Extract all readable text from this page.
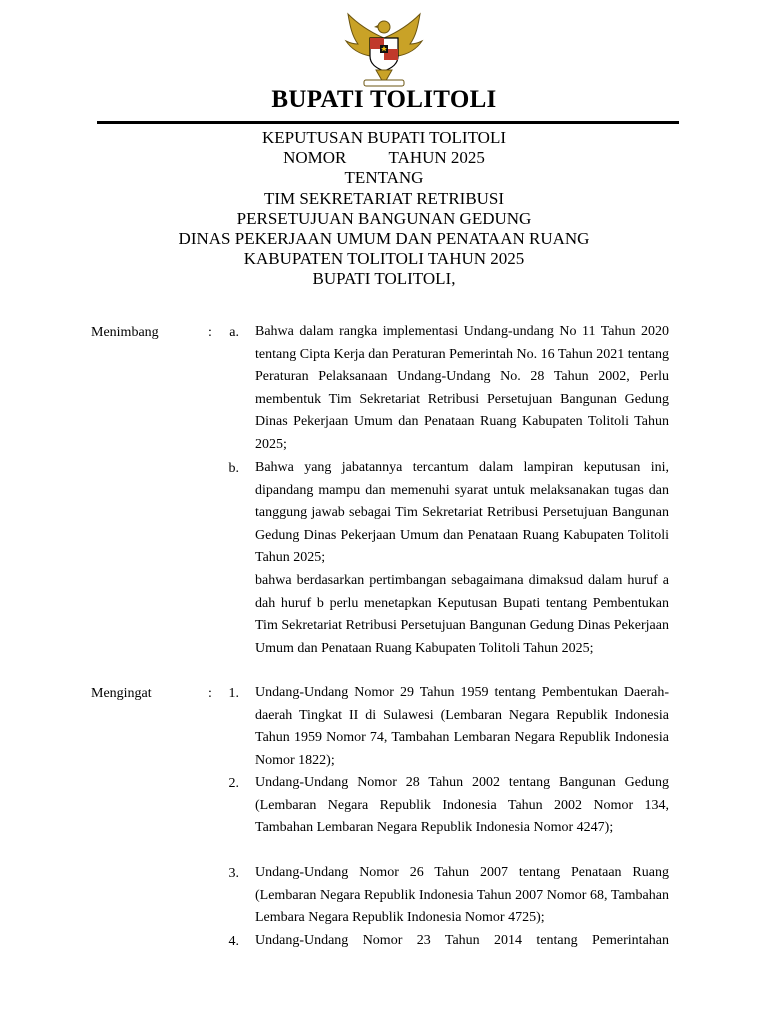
BUPATI TOLITOLI
KEPUTUSAN BUPATI TOLITOLI
NOMOR          TAHUN 2025
TENTANG
TIM SEKRETARIAT RETRIBUSI
PERSETUJUAN BANGUNAN GEDUNG
DINAS PEKERJAAN UMUM DAN PENATAAN RUANG
KABUPATEN TOLITOLI TAHUN 2025
BUPATI TOLITOLI,
Menimbang	:	a. Bahwa dalam rangka implementasi Undang-undang No 11 Tahun 2020 tentang Cipta Kerja dan Peraturan Pemerintah No. 16 Tahun 2021 tentang Peraturan Pelaksanaan Undang-Undang No. 28 Tahun 2002, Perlu membentuk Tim Sekretariat Retribusi Persetujuan Bangunan Gedung Dinas Pekerjaan Umum dan Penataan Ruang Kabupaten Tolitoli Tahun 2025;
b. Bahwa yang jabatannya tercantum dalam lampiran keputusan ini, dipandang mampu dan memenuhi syarat untuk melaksanakan tugas dan tanggung jawab sebagai Tim Sekretariat Retribusi Persetujuan Bangunan Gedung Dinas Pekerjaan Umum dan Penataan Ruang Kabupaten Tolitoli Tahun 2025;
bahwa berdasarkan pertimbangan sebagaimana dimaksud dalam huruf a dah huruf b perlu menetapkan Keputusan Bupati tentang Pembentukan Tim Sekretariat Retribusi Persetujuan Bangunan Gedung Dinas Pekerjaan Umum dan Penataan Ruang Kabupaten Tolitoli Tahun 2025;
Mengingat	:	1. Undang-Undang Nomor 29 Tahun 1959 tentang Pembentukan Daerah-daerah Tingkat II di Sulawesi (Lembaran Negara Republik Indonesia Tahun 1959 Nomor 74, Tambahan Lembaran Negara Republik Indonesia Nomor 1822);
2. Undang-Undang Nomor 28 Tahun 2002 tentang Bangunan Gedung (Lembaran Negara Republik Indonesia Tahun 2002 Nomor 134, Tambahan Lembaran Negara Republik Indonesia Nomor 4247);
3. Undang-Undang Nomor 26 Tahun 2007 tentang Penataan Ruang (Lembaran Negara Republik Indonesia Tahun 2007 Nomor 68, Tambahan Lembara Negara Republik Indonesia Nomor 4725);
4. Undang-Undang Nomor 23 Tahun 2014 tentang Pemerintahan
